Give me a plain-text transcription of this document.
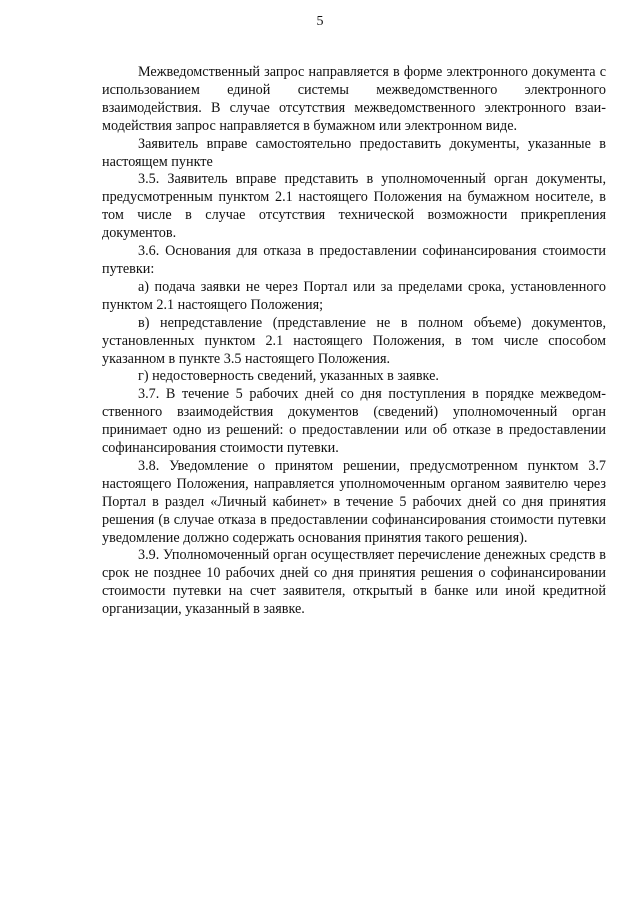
5

Межведомственный запрос направляется в форме электронного документа с использованием единой системы межведомственного электронного взаимодействия. В случае отсутствия межведомственного электронного взаимодействия запрос направляется в бумажном или электронном виде.

Заявитель вправе самостоятельно предоставить документы, указанные в настоящем пункте

3.5. Заявитель вправе представить в уполномоченный орган документы, предусмотренным пунктом 2.1 настоящего Положения на бумажном носителе, в том числе в случае отсутствия технической возможности прикрепления документов.

3.6. Основания для отказа в предоставлении софинансирования стоимости путевки:

а) подача заявки не через Портал или за пределами срока, установленного пунктом 2.1 настоящего Положения;

в) непредставление (представление не в полном объеме) документов, установленных пунктом 2.1 настоящего Положения, в том числе способом указанном в пункте 3.5 настоящего Положения.

г) недостоверность сведений, указанных в заявке.

3.7. В течение 5 рабочих дней со дня поступления в порядке межведомственного взаимодействия документов (сведений) уполномоченный орган принимает одно из решений: о предоставлении или об отказе в предоставлении софинансирования стоимости путевки.

3.8. Уведомление о принятом решении, предусмотренном пунктом 3.7 настоящего Положения, направляется уполномоченным органом заявителю через Портал в раздел «Личный кабинет» в течение 5 рабочих дней со дня принятия решения (в случае отказа в предоставлении софинансирования стоимости путевки уведомление должно содержать основания принятия такого решения).

3.9. Уполномоченный орган осуществляет перечисление денежных средств в срок не позднее 10 рабочих дней со дня принятия решения о софинансировании стоимости путевки на счет заявителя, открытый в банке или иной кредитной организации, указанный в заявке.
